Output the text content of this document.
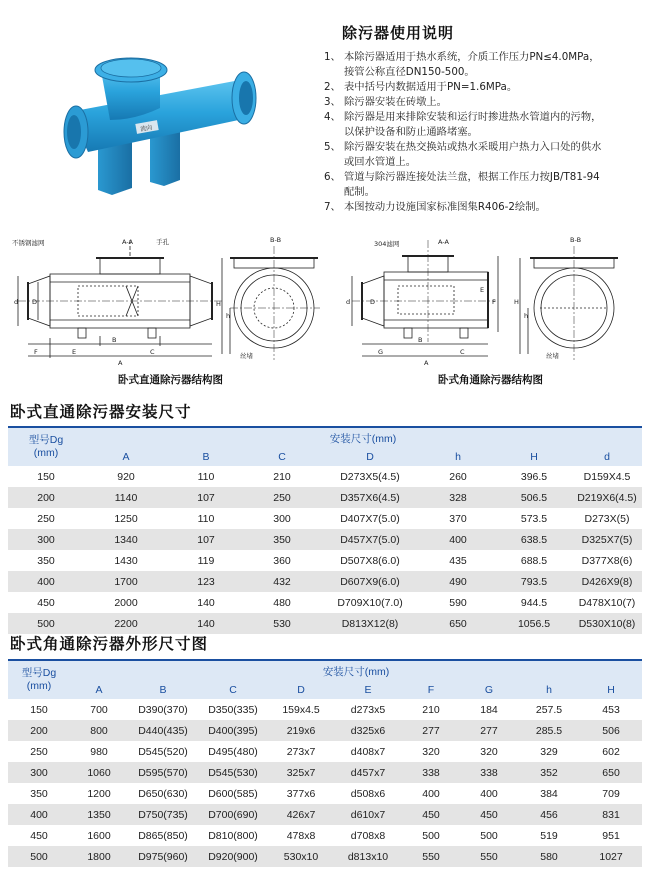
流向
除污器使用说明
1、 本除污器适用于热水系统，介质工作压力PN≤4.0MPa，
接管公称直径DN150-500。
2、 表中括号内数据适用于PN=1.6MPa。
3、 除污器安装在砖墩上。
4、 除污器是用来排除安装和运行时掺进热水管道内的污物，
以保护设备和防止通路堵塞。
5、 除污器安装在热交换站或热水采暖用户热力入口处的供水
或回水管道上。
6、 管道与除污器连接处法兰盘，根据工作压力按JB/T81-94
配制。
7、 本图按动力设施国家标准图集R406-2绘制。
不锈钢滤网	A-A	手孔
d D
F	E
B
C
A
B-B
H
h
丝堵
卧式直通除污器结构图
304滤网	A-A
d	D
G
B
C
A
F
E
B-B
H
h
丝堵
卧式角通除污器结构图
卧式直通除污器安装尺寸
型号Dg
(mm)	安装尺寸(mm)						
	A	B	C	D	h	H	d
150	920	110	210	D273X5(4.5)	260	396.5	D159X4.5
200	1140	107	250	D357X6(4.5)	328	506.5	D219X6(4.5)
250	1250	110	300	D407X7(5.0)	370	573.5	D273X(5)
300	1340	107	350	D457X7(5.0)	400	638.5	D325X7(5)
350	1430	119	360	D507X8(6.0)	435	688.5	D377X8(6)
400	1700	123	432	D607X9(6.0)	490	793.5	D426X9(8)
450	2000	140	480	D709X10(7.0)	590	944.5	D478X10(7)
500	2200	140	530	D813X12(8)	650	1056.5	D530X10(8)
卧式角通除污器外形尺寸图
型号Dg
(mm)	安装尺寸(mm)								
	A	B	C	D	E	F	G	h	H
150	700	D390(370)	D350(335)	159x4.5	d273x5	210	184	257.5	453
200	800	D440(435)	D400(395)	219x6	d325x6	277	277	285.5	506
250	980	D545(520)	D495(480)	273x7	d408x7	320	320	329	602
300	1060	D595(570)	D545(530)	325x7	d457x7	338	338	352	650
350	1200	D650(630)	D600(585)	377x6	d508x6	400	400	384	709
400	1350	D750(735)	D700(690)	426x7	d610x7	450	450	456	831
450	1600	D865(850)	D810(800)	478x8	d708x8	500	500	519	951
500	1800	D975(960)	D920(900)	530x10	d813x10	550	550	580	1027
